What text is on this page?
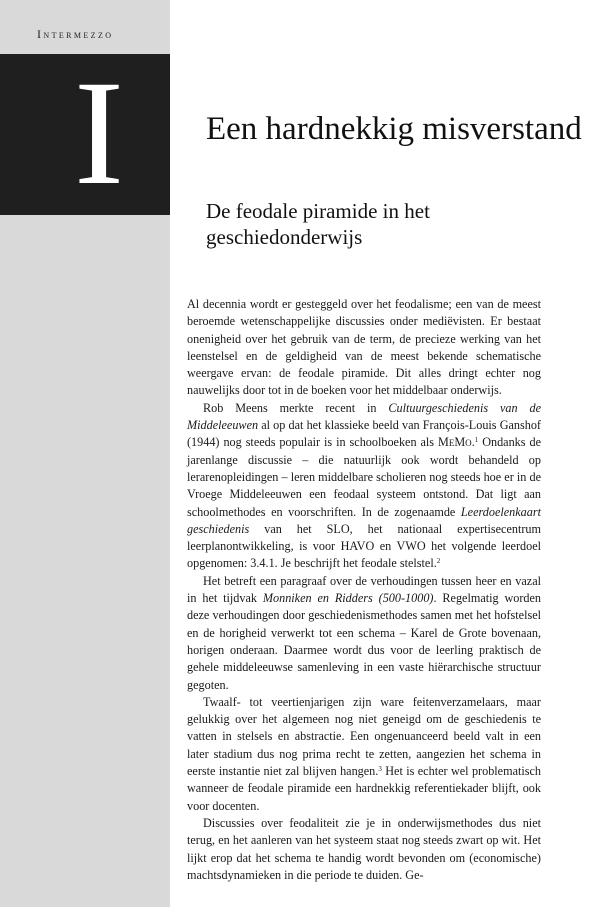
Intermezzo
I	Een hardnekkig misverstand
De feodale piramide in het geschiedonderwijs

Al decennia wordt er gesteggeld over het feodalisme; een van de meest beroemde wetenschappelijke discussies onder mediëvisten. Er bestaat onenigheid over het gebruik van de term, de precieze werking van het leenstelsel en de geldigheid van de meest bekende schematische weergave ervan: de feodale piramide. Dit alles dringt echter nog nauwelijks door tot in de boeken voor het middelbaar onderwijs.

Rob Meens merkte recent in Cultuurgeschiedenis van de Middeleeuwen al op dat het klassieke beeld van François-Louis Ganshof (1944) nog steeds populair is in schoolboeken als MeMo.$^1$ Ondanks de jarenlange discussie – die natuurlijk ook wordt behandeld op lerarenopleidingen – leren middelbare scholieren nog steeds hoe er in de Vroege Middeleeuwen een feodaal systeem ontstond. Dat ligt aan schoolmethodes en voorschriften. In de zogenaamde Leerdoelenkaart geschiedenis van het SLO, het nationaal expertisecentrum leerplanontwikkeling, is voor HAVO en VWO het volgende leerdoel opgenomen: 3.4.1. Je beschrijft het feodale stelstel.$^2$

Het betreft een paragraaf over de verhoudingen tussen heer en vazal in het tijdvak Monniken en Ridders (500-1000). Regelmatig worden deze verhoudingen door geschiedenismethodes samen met het hofstelsel en de horigheid verwerkt tot een schema – Karel de Grote bovenaan, horigen onderaan. Daarmee wordt dus voor de leerling praktisch de gehele middeleeuwse samenleving in een vaste hiërarchische structuur gegoten.

Twaalf- tot veertienjarigen zijn ware feitenverzamelaars, maar gelukkig over het algemeen nog niet geneigd om de geschiedenis te vatten in stelsels en abstractie. Een ongenuanceerd beeld valt in een later stadium dus nog prima recht te zetten, aangezien het schema in eerste instantie niet zal blijven hangen.$^3$ Het is echter wel problematisch wanneer de feodale piramide een hardnekkig referentiekader blijft, ook voor docenten.

Discussies over feodaliteit zie je in onderwijsmethodes dus niet terug, en het aanleren van het systeem staat nog steeds zwart op wit. Het lijkt erop dat het schema te handig wordt bevonden om (economische) machtsdynamieken in die periode te duiden. Ge-
